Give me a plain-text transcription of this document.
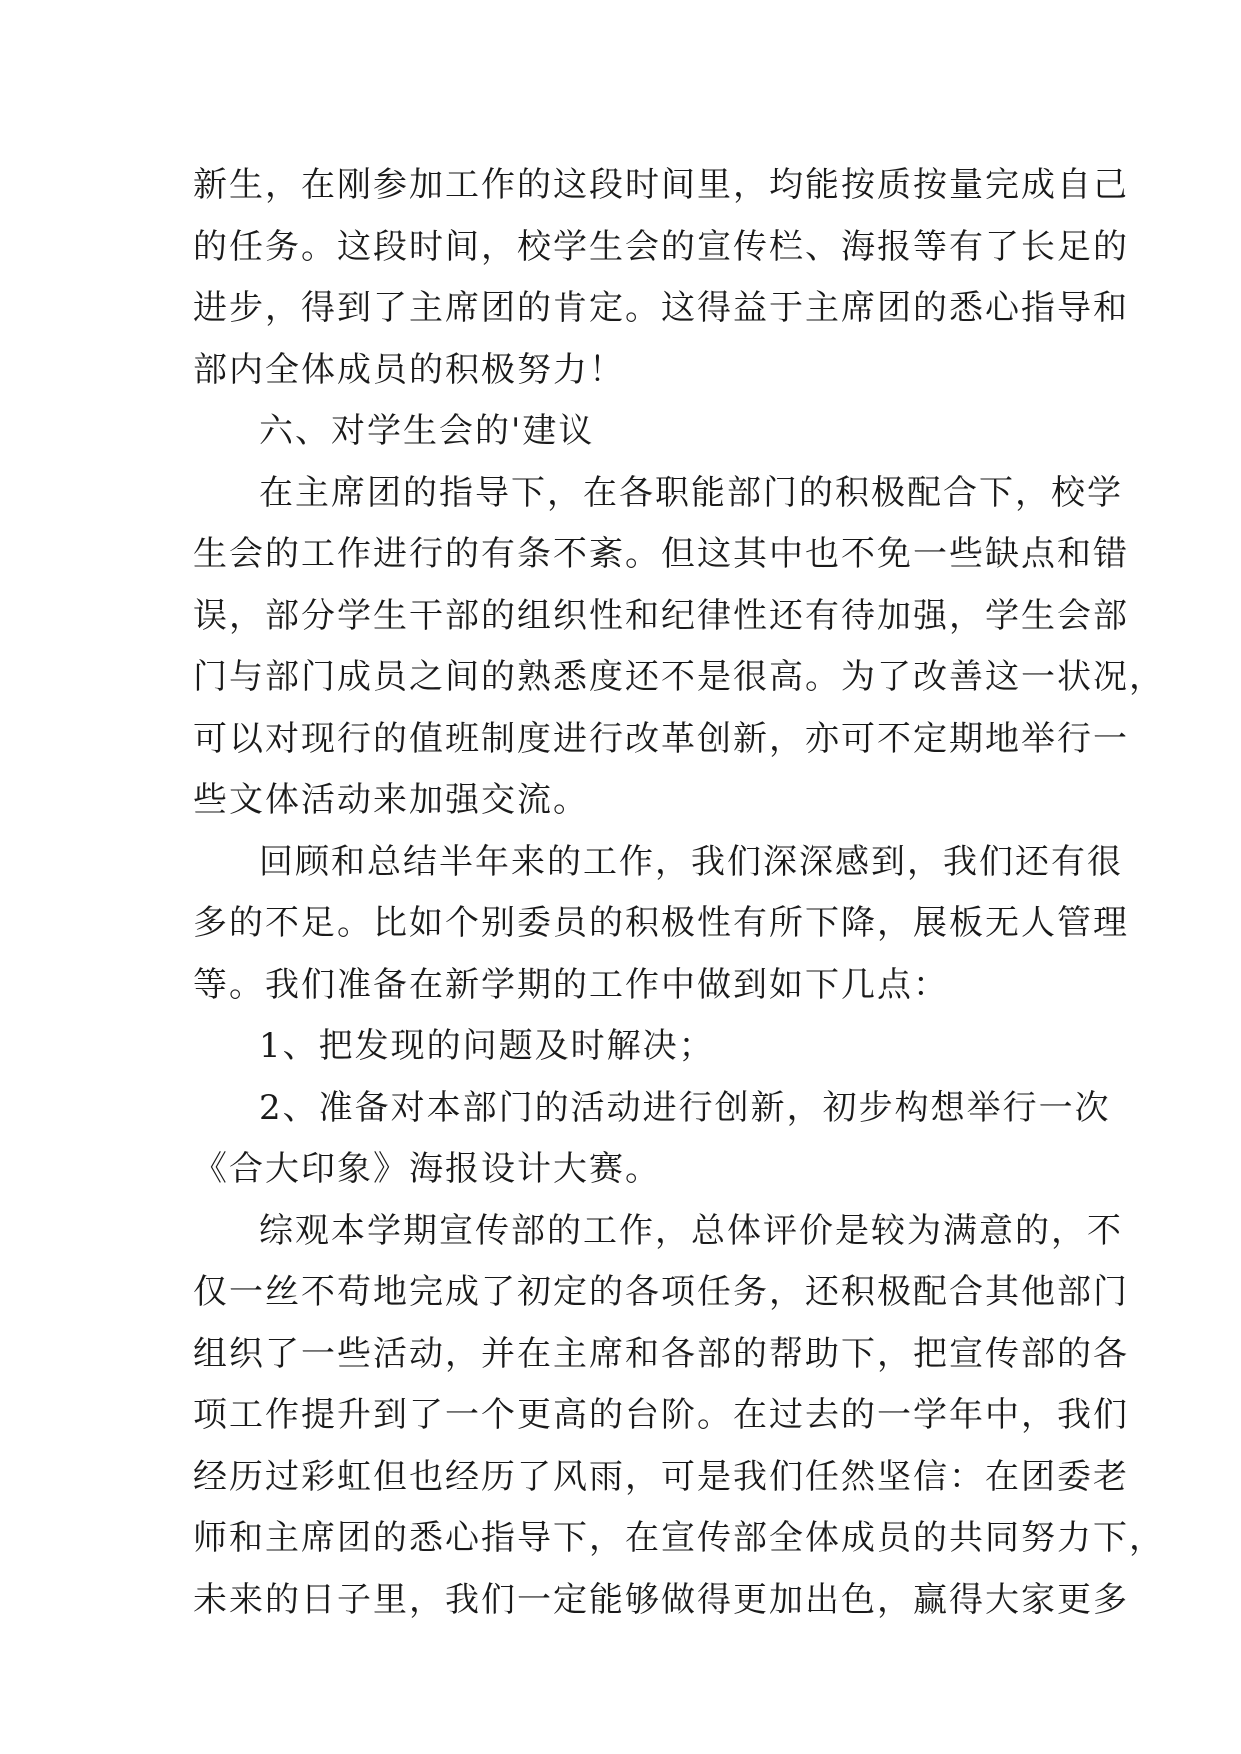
新生，在刚参加工作的这段时间里，均能按质按量完成自己
的任务。这段时间，校学生会的宣传栏、海报等有了长足的
进步，得到了主席团的肯定。这得益于主席团的悉心指导和
部内全体成员的积极努力！
六、对学生会的'建议
在主席团的指导下，在各职能部门的积极配合下，校学
生会的工作进行的有条不紊。但这其中也不免一些缺点和错
误，部分学生干部的组织性和纪律性还有待加强，学生会部
门与部门成员之间的熟悉度还不是很高。为了改善这一状况，
可以对现行的值班制度进行改革创新，亦可不定期地举行一
些文体活动来加强交流。
回顾和总结半年来的工作，我们深深感到，我们还有很
多的不足。比如个别委员的积极性有所下降，展板无人管理
等。我们准备在新学期的工作中做到如下几点：
1、把发现的问题及时解决；
2、准备对本部门的活动进行创新，初步构想举行一次
《合大印象》海报设计大赛。
综观本学期宣传部的工作，总体评价是较为满意的，不
仅一丝不苟地完成了初定的各项任务，还积极配合其他部门
组织了一些活动，并在主席和各部的帮助下，把宣传部的各
项工作提升到了一个更高的台阶。在过去的一学年中，我们
经历过彩虹但也经历了风雨，可是我们任然坚信：在团委老
师和主席团的悉心指导下，在宣传部全体成员的共同努力下，
未来的日子里，我们一定能够做得更加出色，赢得大家更多
